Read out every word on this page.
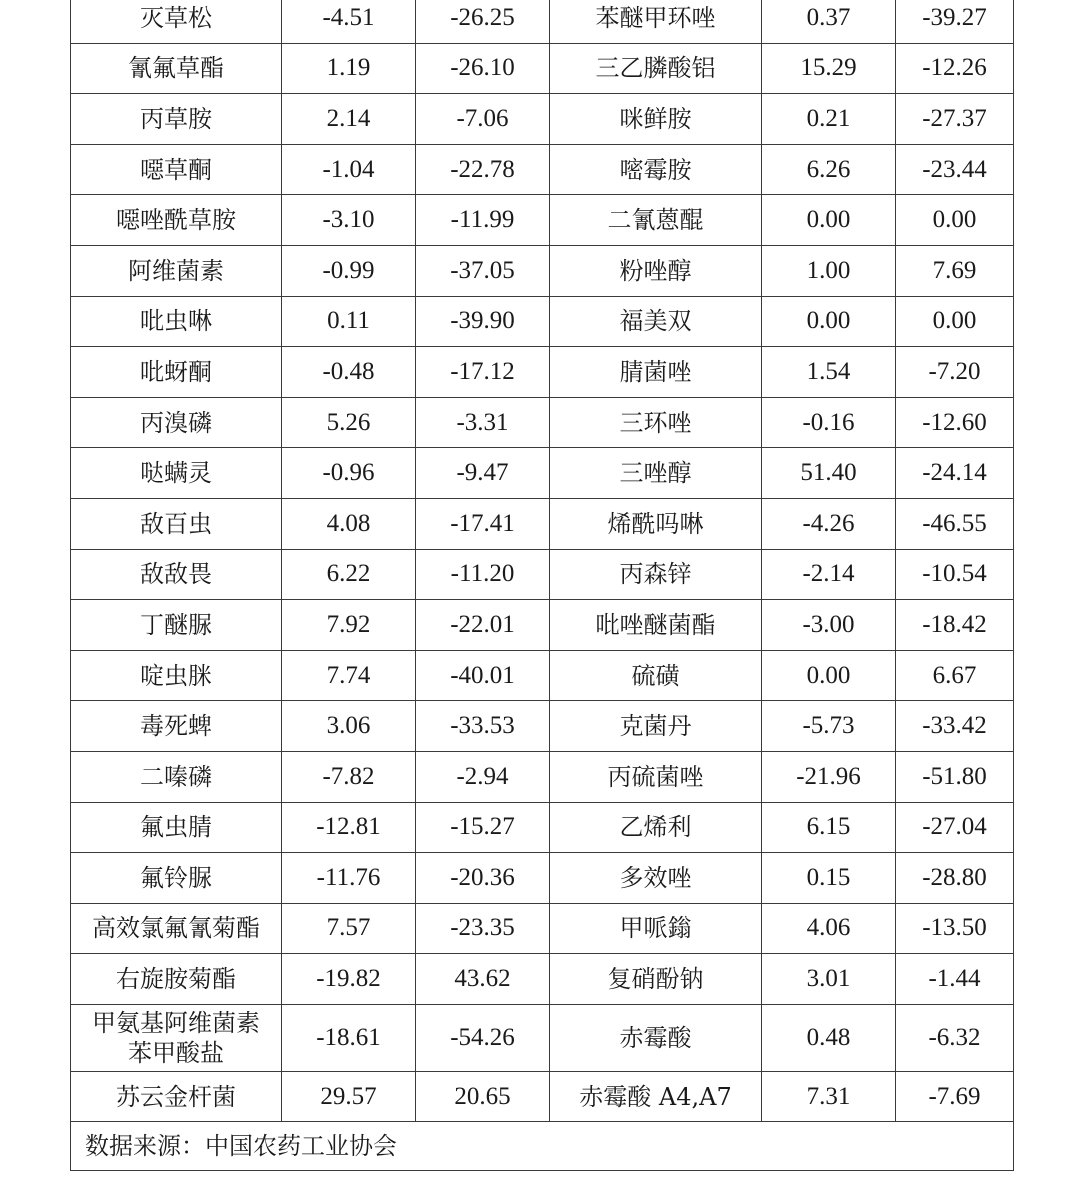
灭草松	-4.51	-26.25	苯醚甲环唑	0.37	-39.27
氰氟草酯	1.19	-26.10	三乙膦酸铝	15.29	-12.26
丙草胺	2.14	-7.06	咪鲜胺	0.21	-27.37
噁草酮	-1.04	-22.78	嘧霉胺	6.26	-23.44
噁唑酰草胺	-3.10	-11.99	二氰蒽醌	0.00	0.00
阿维菌素	-0.99	-37.05	粉唑醇	1.00	7.69
吡虫啉	0.11	-39.90	福美双	0.00	0.00
吡蚜酮	-0.48	-17.12	腈菌唑	1.54	-7.20
丙溴磷	5.26	-3.31	三环唑	-0.16	-12.60
哒螨灵	-0.96	-9.47	三唑醇	51.40	-24.14
敌百虫	4.08	-17.41	烯酰吗啉	-4.26	-46.55
敌敌畏	6.22	-11.20	丙森锌	-2.14	-10.54
丁醚脲	7.92	-22.01	吡唑醚菌酯	-3.00	-18.42
啶虫脒	7.74	-40.01	硫磺	0.00	6.67
毒死蜱	3.06	-33.53	克菌丹	-5.73	-33.42
二嗪磷	-7.82	-2.94	丙硫菌唑	-21.96	-51.80
氟虫腈	-12.81	-15.27	乙烯利	6.15	-27.04
氟铃脲	-11.76	-20.36	多效唑	0.15	-28.80
高效氯氟氰菊酯	7.57	-23.35	甲哌鎓	4.06	-13.50
右旋胺菊酯	-19.82	43.62	复硝酚钠	3.01	-1.44
甲氨基阿维菌素
苯甲酸盐	-18.61	-54.26	赤霉酸	0.48	-6.32
苏云金杆菌	29.57	20.65	赤霉酸 A4,A7	7.31	-7.69
数据来源：中国农药工业协会					
